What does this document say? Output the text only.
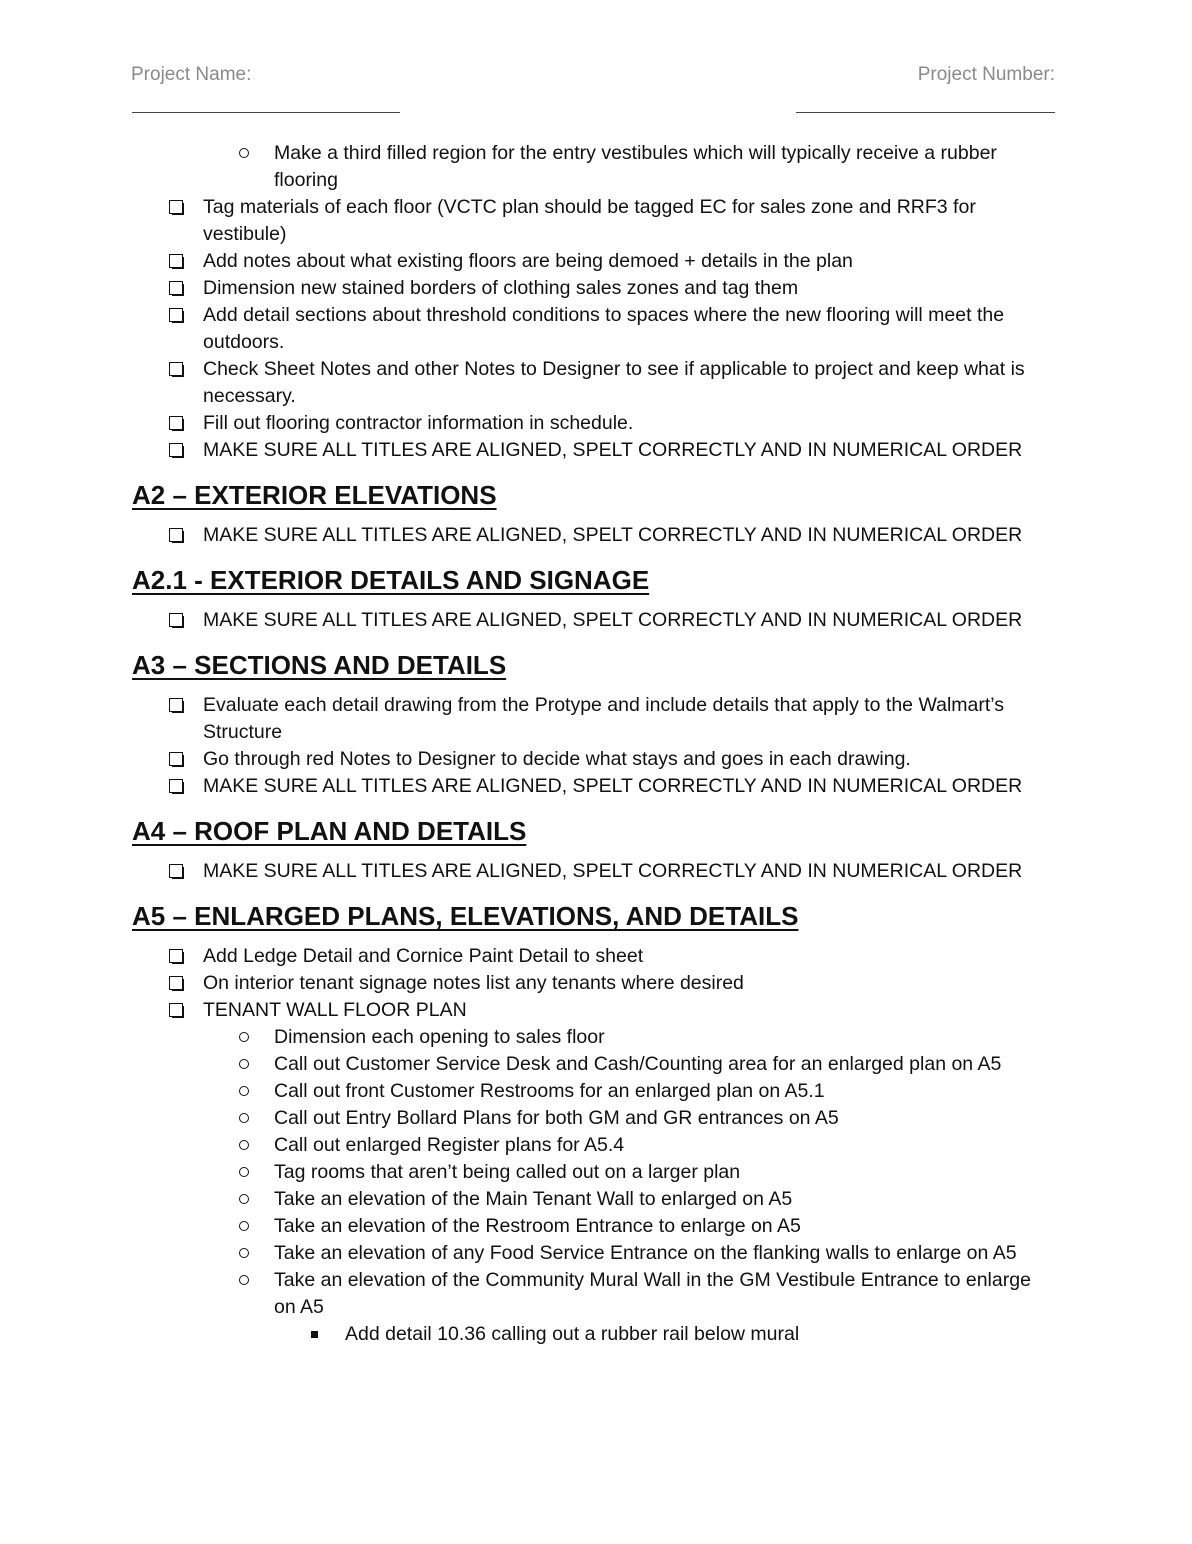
Project Name:	Project Number:
Make a third filled region for the entry vestibules which will typically receive a rubber flooring
Tag materials of each floor (VCTC plan should be tagged EC for sales zone and RRF3 for vestibule)
Add notes about what existing floors are being demoed + details in the plan
Dimension new stained borders of clothing sales zones and tag them
Add detail sections about threshold conditions to spaces where the new flooring will meet the outdoors.
Check Sheet Notes and other Notes to Designer to see if applicable to project and keep what is necessary.
Fill out flooring contractor information in schedule.
MAKE SURE ALL TITLES ARE ALIGNED, SPELT CORRECTLY AND IN NUMERICAL ORDER
A2 – EXTERIOR ELEVATIONS
MAKE SURE ALL TITLES ARE ALIGNED, SPELT CORRECTLY AND IN NUMERICAL ORDER
A2.1 - EXTERIOR DETAILS AND SIGNAGE
MAKE SURE ALL TITLES ARE ALIGNED, SPELT CORRECTLY AND IN NUMERICAL ORDER
A3 – SECTIONS AND DETAILS
Evaluate each detail drawing from the Protype and include details that apply to the Walmart’s Structure
Go through red Notes to Designer to decide what stays and goes in each drawing.
MAKE SURE ALL TITLES ARE ALIGNED, SPELT CORRECTLY AND IN NUMERICAL ORDER
A4 – ROOF PLAN AND DETAILS
MAKE SURE ALL TITLES ARE ALIGNED, SPELT CORRECTLY AND IN NUMERICAL ORDER
A5 – ENLARGED PLANS, ELEVATIONS, AND DETAILS
Add Ledge Detail and Cornice Paint Detail to sheet
On interior tenant signage notes list any tenants where desired
TENANT WALL FLOOR PLAN
Dimension each opening to sales floor
Call out Customer Service Desk and Cash/Counting area for an enlarged plan on A5
Call out front Customer Restrooms for an enlarged plan on A5.1
Call out Entry Bollard Plans for both GM and GR entrances on A5
Call out enlarged Register plans for A5.4
Tag rooms that aren’t being called out on a larger plan
Take an elevation of the Main Tenant Wall to enlarged on A5
Take an elevation of the Restroom Entrance to enlarge on A5
Take an elevation of any Food Service Entrance on the flanking walls to enlarge on A5
Take an elevation of the Community Mural Wall in the GM Vestibule Entrance to enlarge on A5
Add detail 10.36 calling out a rubber rail below mural
